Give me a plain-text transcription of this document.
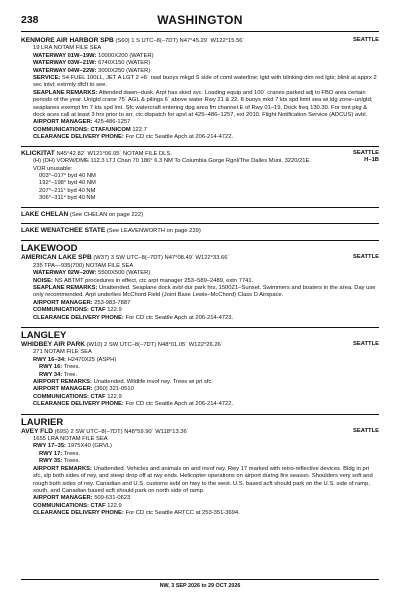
238	WASHINGTON
KENMORE AIR HARBOR SPB (S60) 1 S UTC–8(–7DT) N47°45.29´ W122°15.56´	SEATTLE
19 LRA NOTAM FILE SEA
WATERWAY 01W–19W: 10000X200 (WATER)
WATERWAY 03W–21W: 6740X150 (WATER)
WATERWAY 04W–22W: 3000X250 (WATER)
SERVICE: S4 FUEL 100LL, JET A LGT 2 +6´ rawl buoys mkgd S side of coml waterline; lgtd with blinking dim red lgts; blink at apprx 2 sec intvl; extrmly dfclt to see.
SEAPLANE REMARKS: Attended dawn–dusk. Arpt has sked svc. Loading equip and 100´ cranes parked adj to FBO area certain periods of the year. Unlgtd crane 75´ AGL & pilings 6´ above water Rwy 21 & 22. 8 buoys mkd 7 kts spd limit sea wi ldg zone–unlgtd; seaplanes exempt fm 7 kts spd lmt. Sfc watercraft entering dpg area fm channel E of Rwy 01–19. Dock freq 130.30. For tsnt pkg & dock aces call at least 3 hrs prior to arr, ctc dispatch for apvl at 425–486–1257, ext 2010. Flight Notification Service (ADCUS) avbl.
AIRPORT MANAGER: 425-486-1257
COMMUNICATIONS: CTAF/UNICOM 122.7
CLEARANCE DELIVERY PHONE: For CD ctc Seattle Apch at 206-214-4722.
KLICKITAT N45°42.82´ W121°06.05´ NOTAM FILE DLS.	SEATTLE
H–1B
(H) (DH) VORW/DME 112.3 LTJ Chan 70 186° 6.3 NM To Columbia Gorge Rgnl/The Dalles Muni. 3220/21E.
VOR unusable:
003°–017° byd 40 NM
192°–198° byd 40 NM
207°–211° byd 40 NM
306°–311° byd 40 NM
LAKE CHELAN (See CHELAN on page 222)
LAKE WENATCHEE STATE (See LEAVENWORTH on page 239)
LAKEWOOD
AMERICAN LAKE SPB (W37) 3 SW UTC–8(–7DT) N47°08.49´ W122°33.66´	SEATTLE
235 TPA—935(700) NOTAM FILE SEA
WATERWAY 02W–20W: 5500X500 (WATER)
NOISE: NS ABTMT procedures in effect, ctc arpt manager 253–589–2489, extn 7741.
SEAPLANE REMARKS: Unattended. Seaplane dock avbl dur park hrs, 1500Z1–Sunset. Swimmers and boaters in the area. Day use only recommended. Arpt underlies McChord Field (Joint Base Lewis–McChord) Class D Airspace.
AIRPORT MANAGER: 253-983-7887
COMMUNICATIONS: CTAF 122.9
CLEARANCE DELIVERY PHONE: For CD ctc Seattle Apch at 206-214-4723.
LANGLEY
WHIDBEY AIR PARK (W10) 2 SW UTC–8(–7DT) N48°01.05´ W122°26.26´	SEATTLE
271 NOTAM FILE SEA
RWY 16–34: H2470X25 (ASPH)
RWY 16: Trees.
RWY 34: Tree.
AIRPORT REMARKS: Unattended. Wildlife invof rwy. Trees wi pri sfc.
AIRPORT MANAGER: (360) 321-0510
COMMUNICATIONS: CTAF 122.9
CLEARANCE DELIVERY PHONE: For CD ctc Seattle Apch at 206-214-4722.
LAURIER
AVEY FLD (69S) 2 SW UTC–8(–7DT) N48°59.90´ W118°13.36´	SEATTLE
1655 LRA NOTAM FILE SEA
RWY 17–35: 1975X40 (GRVL)
RWY 17: Trees.
RWY 35: Trees.
AIRPORT REMARKS: Unattended. Vehicles and animals on and invof rwy. Rwy 17 marked with retro-reflective devices. Bldg in pri sfc, slp both sides of rwy, and steep drop off at rwy ends. Helicopter operations on airport during fire season. Shoulders very soft and rough both sides of rwy. Canadian and U.S. customs avbl on hwy to the west. U.S. based acft should park on the U.S. side of ramp, south, and Canadian based acft should park on north side of ramp.
AIRPORT MANAGER: 509-631-0623
COMMUNICATIONS: CTAF 122.9
CLEARANCE DELIVERY PHONE: For CD ctc Seattle ARTCC at 253-351-3694.
NW, 3 SEP 2026 to 29 OCT 2026
